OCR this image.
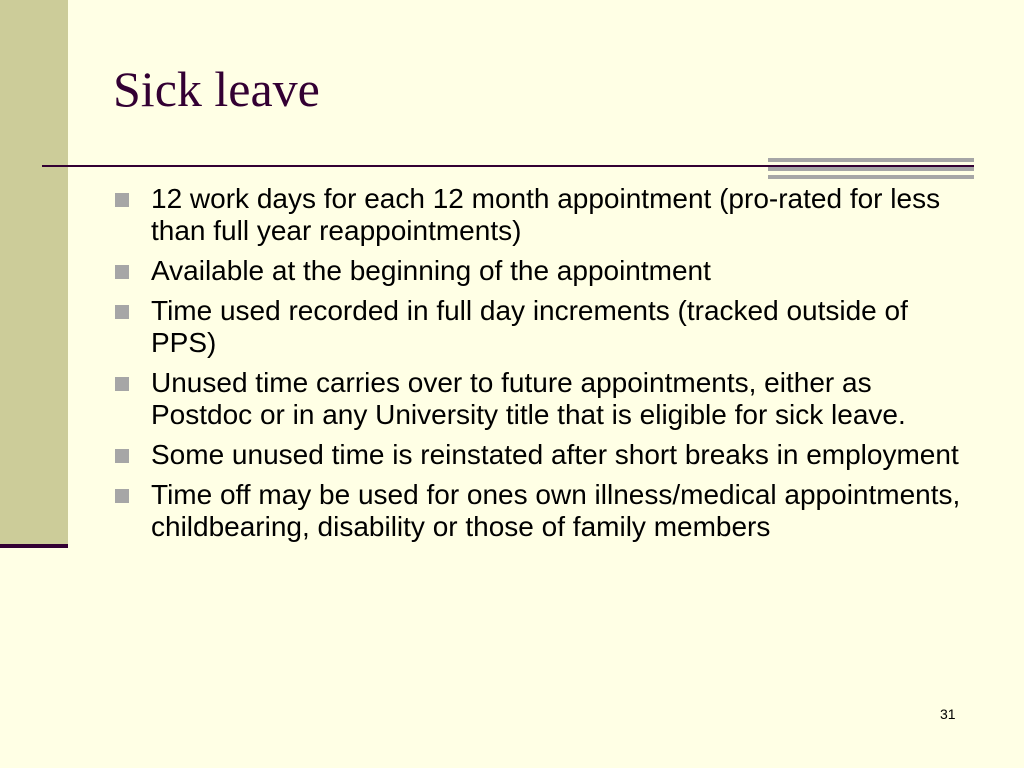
Sick leave
12 work days for each 12 month appointment (pro-rated for less than full year reappointments)
Available at the beginning of the appointment
Time used recorded in full day increments (tracked outside of PPS)
Unused time carries over to future appointments, either as Postdoc or in any University title that is eligible for sick leave.
Some unused time is reinstated after short breaks in employment
Time off may be used for ones own illness/medical appointments, childbearing, disability or those of family members
31
